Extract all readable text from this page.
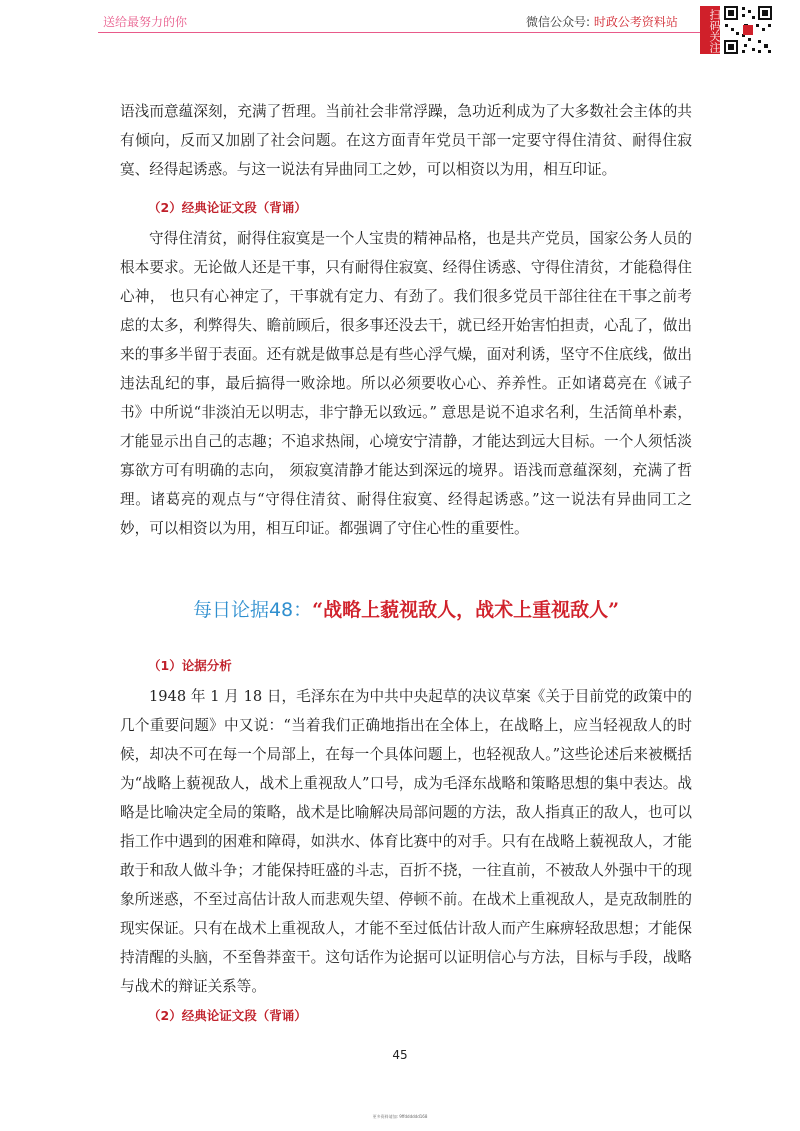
送给最努力的你	微信公众号: 时政公考资料站	扫码关注
语浅而意蕴深刻，充满了哲理。当前社会非常浮躁，急功近利成为了大多数社会主体的共有倾向，反而又加剧了社会问题。在这方面青年党员干部一定要守得住清贫、耐得住寂寞、经得起诱惑。与这一说法有异曲同工之妙，可以相资以为用，相互印证。
（2）经典论证文段（背诵）
守得住清贫，耐得住寂寞是一个人宝贵的精神品格，也是共产党员，国家公务人员的根本要求。无论做人还是干事，只有耐得住寂寞、经得住诱惑、守得住清贫，才能稳得住心神， 也只有心神定了，干事就有定力、有劲了。我们很多党员干部往往在干事之前考虑的太多，利弊得失、瞻前顾后，很多事还没去干，就已经开始害怕担责，心乱了，做出来的事多半留于表面。还有就是做事总是有些心浮气燥，面对利诱，坚守不住底线，做出违法乱纪的事，最后搞得一败涂地。所以必须要收心心、养养性。正如诸葛亮在《诫子书》中所说“非淡泊无以明志，非宁静无以致远。” 意思是说不追求名利，生活简单朴素，才能显示出自己的志趣；不追求热闹，心境安宁清静，才能达到远大目标。一个人须恬淡寡欲方可有明确的志向， 须寂寞清静才能达到深远的境界。语浅而意蕴深刻，充满了哲理。诸葛亮的观点与“守得住清贫、耐得住寂寞、经得起诱惑。”这一说法有异曲同工之妙，可以相资以为用，相互印证。都强调了守住心性的重要性。
每日论据48：“战略上藐视敌人，战术上重视敌人”
（1）论据分析
1948 年 1 月 18 日，毛泽东在为中共中央起草的决议草案《关于目前党的政策中的几个重要问题》中又说：“当着我们正确地指出在全体上，在战略上，应当轻视敌人的时候，却决不可在每一个局部上，在每一个具体问题上，也轻视敌人。”这些论述后来被概括为“战略上藐视敌人，战术上重视敌人”口号，成为毛泽东战略和策略思想的集中表达。战略是比喻决定全局的策略，战术是比喻解决局部问题的方法，敌人指真正的敌人，也可以指工作中遇到的困难和障碍，如洪水、体育比赛中的对手。只有在战略上藐视敌人，才能敢于和敌人做斗争；才能保持旺盛的斗志，百折不挠，一往直前，不被敌人外强中干的现象所迷惑，不至过高估计敌人而悲观失望、停顿不前。在战术上重视敌人，是克敌制胜的现实保证。只有在战术上重视敌人，才能不至过低估计敌人而产生麻痹轻敌思想；才能保持清醒的头脑，不至鲁莽蛮干。这句话作为论据可以证明信心与方法，目标与手段，战略与战术的辩证关系等。
（2）经典论证文段（背诵）
45
更多资料请加: 9ffdddddd168
